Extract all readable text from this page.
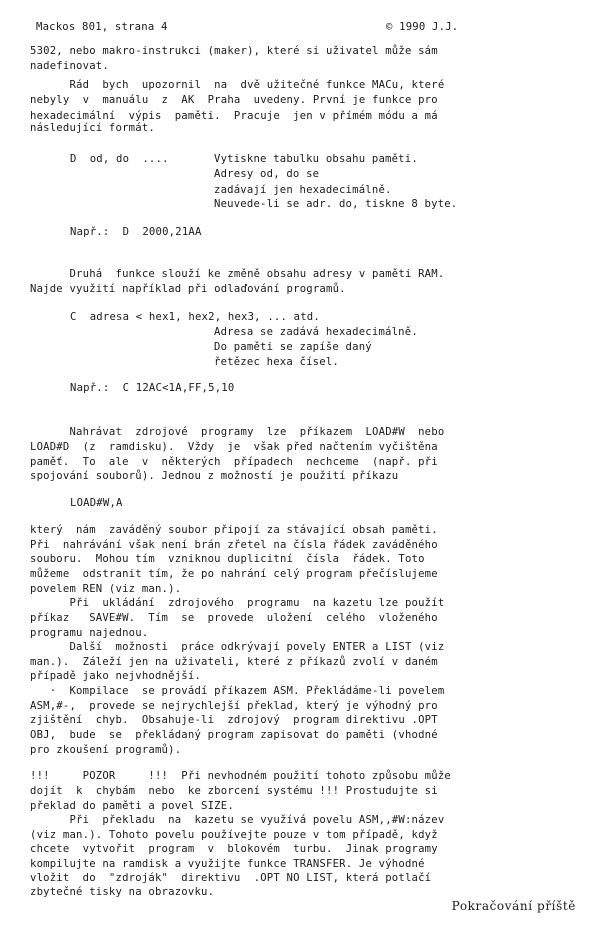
Mackos 801, strana 4	© 1990 J.J.
5302, nebo makro-instrukci (maker), které si uživatel může sám
nadefinovat.
Rád  bych  upozornil  na  dvě užitečné funkce MACu, které
nebyly  v  manuálu  z  AK  Praha  uvedeny. První je funkce pro
hexadecimální  výpis  paměti.  Pracuje  jen v přímém módu a má
následující formát.
D  od, do  ....	Vytiskne tabulku obsahu paměti.
Adresy od, do se
zadávají jen hexadecimálně.
Neuvede-li se adr. do, tiskne 8 byte.
Např.:  D  2000,21AA
Druhá  funkce slouží ke změně obsahu adresy v paměti RAM.
Najde využití například při odlaďování programů.
C  adresa < hex1, hex2, hex3, ... atd.
Adresa se zadává hexadecimálně.
Do paměti se zapíše daný
řetězec hexa čísel.
Např.:  C 12AC<1A,FF,5,10
Nahrávat  zdrojové  programy  lze  příkazem  LOAD#W  nebo
LOAD#D  (z  ramdisku).  Vždy  je  však před načtením vyčištěna
paměť.  To  ale  v  některých  případech  nechceme  (např. při
spojování souborů). Jednou z možností je použití příkazu
LOAD#W,A
který  nám  zaváděný soubor připojí za stávající obsah paměti.
Při  nahrávání však není brán zřetel na čísla řádek zaváděného
souboru.  Mohou tím  vzniknou duplicitní  čísla  řádek. Toto
můžeme  odstranit tím, že po nahrání celý program přečíslujeme
povelem REN (viz man.).
Při  ukládání  zdrojového  programu  na kazetu lze použít
příkaz   SAVE#W.  Tím  se  provede  uložení  celého  vloženého
programu najednou.
Další  možnosti  práce odkrývají povely ENTER a LIST (viz
man.).  Záleží jen na uživateli, které z příkazů zvolí v daném
případě jako nejvhodnější.
·  Kompilace  se provádí příkazem ASM. Překládáme-li povelem
ASM,#-,  provede se nejrychlejší překlad, který je výhodný pro
zjištění  chyb.  Obsahuje-li  zdrojový  program direktivu .OPT
OBJ,  bude  se  překládaný program zapisovat do paměti (vhodné
pro zkoušení programů).
!!!     POZOR     !!!  Při nevhodném použití tohoto způsobu může
dojít  k  chybám  nebo  ke zborcení systému !!! Prostudujte si
překlad do paměti a povel SIZE.
Při  překladu  na  kazetu se využívá povelu ASM,,#W:název
(viz man.). Tohoto povelu používejte pouze v tom případě, když
chcete  vytvořit  program  v  blokovém  turbu.  Jinak programy
kompilujte na ramdisk a využijte funkce TRANSFER. Je výhodné
vložit  do  "zdroják"  direktivu  .OPT NO LIST, která potlačí
zbytečné tisky na obrazovku.
Pokračování příště
